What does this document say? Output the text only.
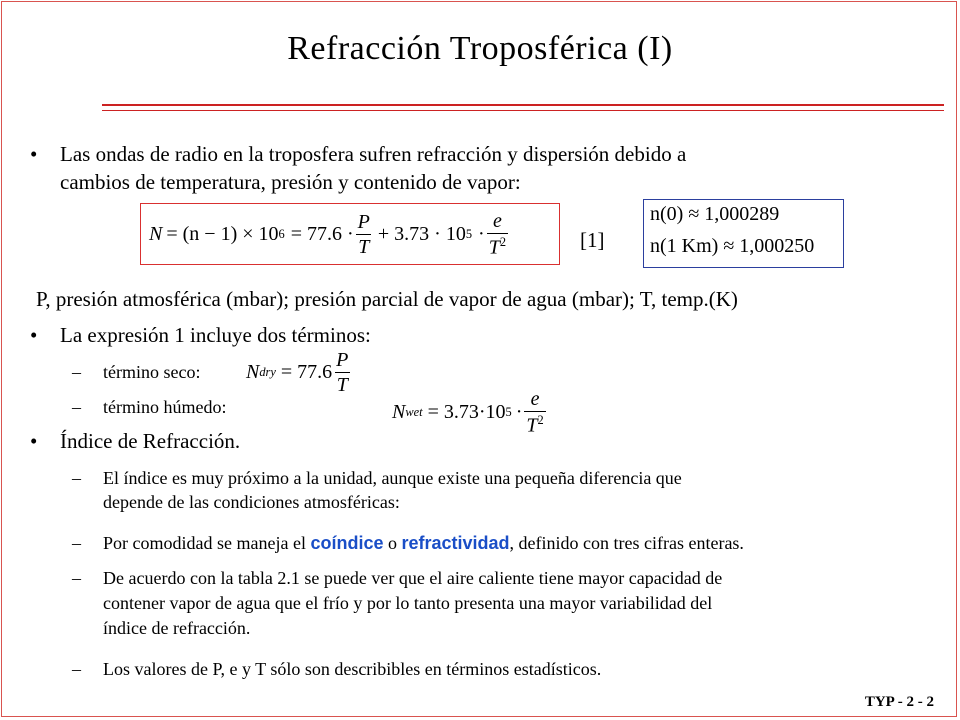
Refracción Troposférica (I)
• Las ondas de radio en la troposfera sufren refracción y dispersión debido a
cambios de temperatura, presión y contenido de vapor:
N = (n − 1) × 10 $6 = 77.6 \cdot \frac{P}{T} + 3.73 \cdot 10$ $5 \cdot \frac{e}{T^2}$	[1]
n(0) ≈ 1,000289
n(1 Km) ≈ 1,000250
P, presión atmosférica (mbar); presión parcial de vapor de agua (mbar); T, temp.(K)
• La expresión 1 incluye dos términos:
– término seco: N dry = $77.6 \frac{P}{T}$
– término húmedo:	N wet = 3.73·10 $5 \cdot \frac{e}{T^2}$
• Índice de Refracción.
– El índice es muy próximo a la unidad, aunque existe una pequeña diferencia que
depende de las condiciones atmosféricas:
– Por comodidad se maneja el coíndice o refractividad, definido con tres cifras enteras.
– De acuerdo con la tabla 2.1 se puede ver que el aire caliente tiene mayor capacidad de
contener vapor de agua que el frío y por lo tanto presenta una mayor variabilidad del
índice de refracción.
– Los valores de P, e y T sólo son describibles en términos estadísticos.
TYP - 2 - 2
